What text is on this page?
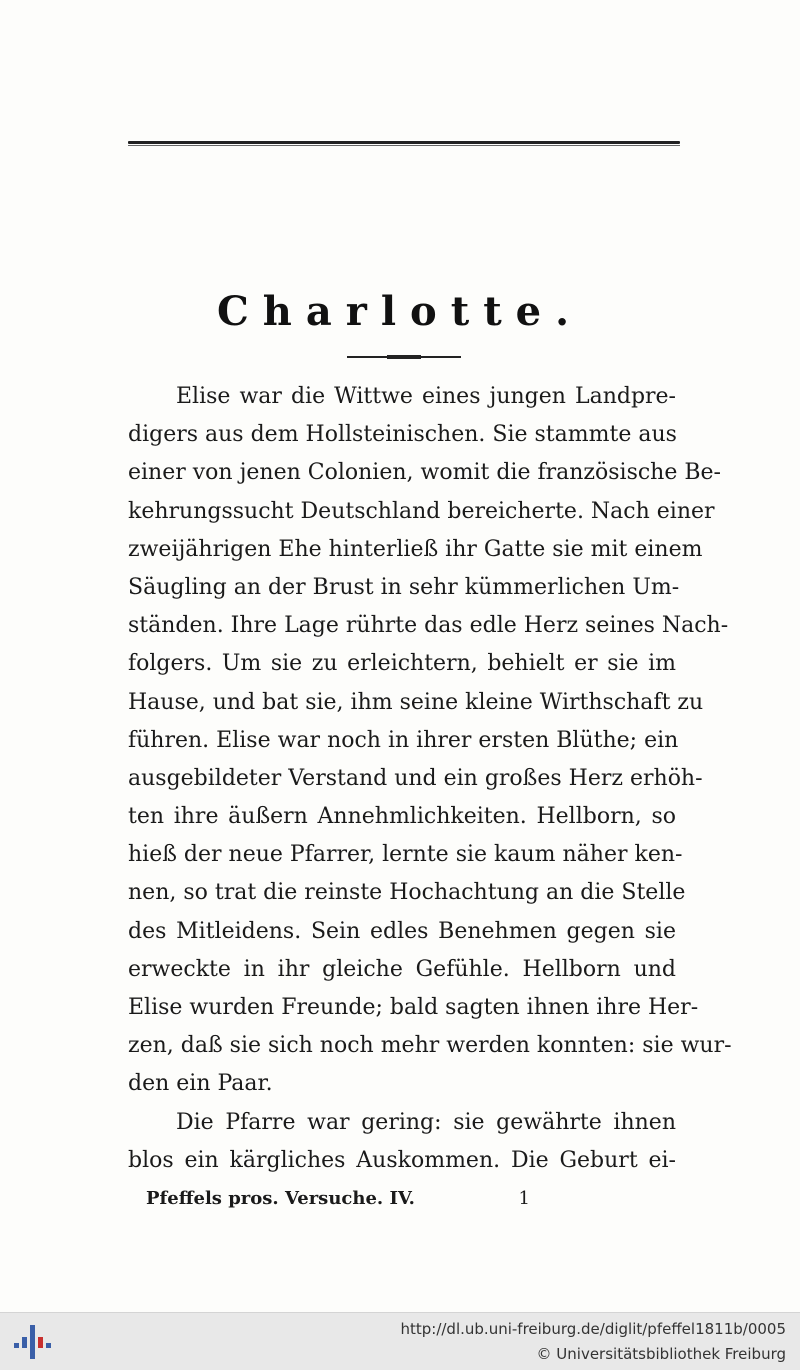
Charlotte.
Elise war die Wittwe eines jungen Landpre-
digers aus dem Hollsteinischen. Sie stammte aus
einer von jenen Colonien, womit die französische Be-
kehrungssucht Deutschland bereicherte. Nach einer
zweijährigen Ehe hinterließ ihr Gatte sie mit einem
Säugling an der Brust in sehr kümmerlichen Um-
ständen. Ihre Lage rührte das edle Herz seines Nach-
folgers. Um sie zu erleichtern, behielt er sie im
Hause, und bat sie, ihm seine kleine Wirthschaft zu
führen. Elise war noch in ihrer ersten Blüthe; ein
ausgebildeter Verstand und ein großes Herz erhöh-
ten ihre äußern Annehmlichkeiten. Hellborn, so
hieß der neue Pfarrer, lernte sie kaum näher ken-
nen, so trat die reinste Hochachtung an die Stelle
des Mitleidens. Sein edles Benehmen gegen sie
erweckte in ihr gleiche Gefühle. Hellborn und
Elise wurden Freunde; bald sagten ihnen ihre Her-
zen, daß sie sich noch mehr werden konnten: sie wur-
den ein Paar.
Die Pfarre war gering: sie gewährte ihnen
blos ein kärgliches Auskommen. Die Geburt ei-
Pfeffels pros. Versuche. IV.	1
http://dl.ub.uni-freiburg.de/diglit/pfeffel1811b/0005
© Universitätsbibliothek Freiburg
